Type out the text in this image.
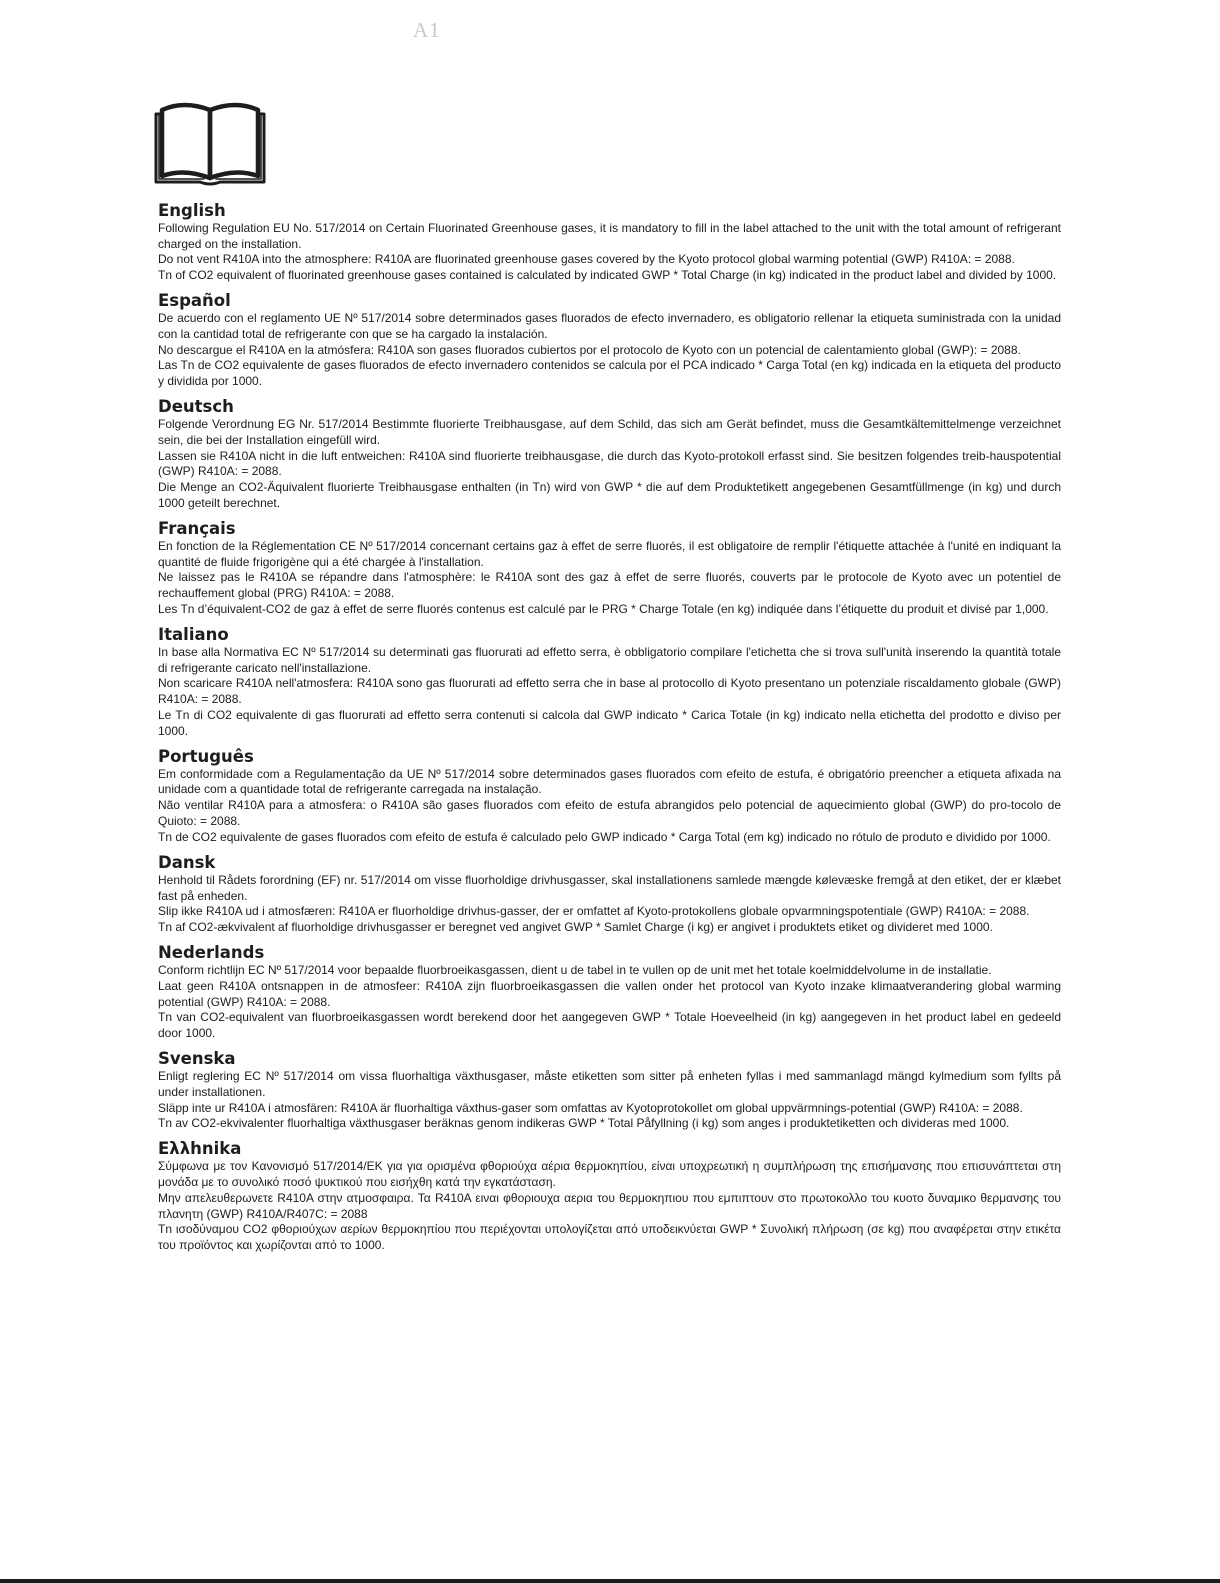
A1
English

Following Regulation EU No. 517/2014 on Certain Fluorinated Greenhouse gases, it is mandatory to fill in the label attached to the unit with the total amount of refrigerant charged on the installation.

Do not vent R410A into the atmosphere: R410A are fluorinated greenhouse gases covered by the Kyoto protocol global warming potential (GWP) R410A: = 2088.

Tn of CO2 equivalent of fluorinated greenhouse gases contained is calculated by indicated GWP * Total Charge (in kg) indicated in the product label and divided by 1000.

Español

De acuerdo con el reglamento UE Nº 517/2014 sobre determinados gases fluorados de efecto invernadero, es obligatorio rellenar la etiqueta suministrada con la unidad con la cantidad total de refrigerante con que se ha cargado la instalación.

No descargue el R410A en la atmósfera: R410A son gases fluorados cubiertos por el protocolo de Kyoto con un potencial de calentamiento global (GWP): = 2088.

Las Tn de CO2 equivalente de gases fluorados de efecto invernadero contenidos se calcula por el PCA indicado * Carga Total (en kg) indicada en la etiqueta del producto y dividida por 1000.

Deutsch

Folgende Verordnung EG Nr. 517/2014 Bestimmte fluorierte Treibhausgase, auf dem Schild, das sich am Gerät befindet, muss die Gesamtkältemittelmenge verzeichnet sein, die bei der Installation eingefüll wird.

Lassen sie R410A nicht in die luft entweichen: R410A sind fluorierte treibhausgase, die durch das Kyoto-protokoll erfasst sind. Sie besitzen folgendes treib-hauspotential (GWP) R410A: = 2088.

Die Menge an CO2-Äquivalent fluorierte Treibhausgase enthalten (in Tn) wird von GWP * die auf dem Produktetikett angegebenen Gesamtfüllmenge (in kg) und durch 1000 geteilt berechnet.

Français

En fonction de la Réglementation CE Nº 517/2014 concernant certains gaz à effet de serre fluorés, il est obligatoire de remplir l'étiquette attachée à l'unité en indiquant la quantité de fluide frigorigène qui a été chargée à l'installation.

Ne laissez pas le R410A se répandre dans l'atmosphère: le R410A sont des gaz à effet de serre fluorés, couverts par le protocole de Kyoto avec un potentiel de rechauffement global (PRG) R410A: = 2088.

Les Tn d’équivalent-CO2 de gaz à effet de serre fluorés contenus est calculé par le PRG * Charge Totale (en kg) indiquée dans l’étiquette du produit et divisé par 1,000.

Italiano

In base alla Normativa EC Nº 517/2014 su determinati gas fluorurati ad effetto serra, è obbligatorio compilare l'etichetta che si trova sull'unità inserendo la quantità totale di refrigerante caricato nell'installazione.

Non scaricare R410A nell'atmosfera: R410A sono gas fluorurati ad effetto serra che in base al protocollo di Kyoto presentano un potenziale riscaldamento globale (GWP) R410A: = 2088.

Le Tn di CO2 equivalente di gas fluorurati ad effetto serra contenuti si calcola dal GWP indicato * Carica Totale (in kg) indicato nella etichetta del prodotto e diviso per 1000.

Português

Em conformidade com a Regulamentação da UE Nº 517/2014 sobre determinados gases fluorados com efeito de estufa, é obrigatório preencher a etiqueta afixada na unidade com a quantidade total de refrigerante carregada na instalação.

Não ventilar R410A para a atmosfera: o R410A são gases fluorados com efeito de estufa abrangidos pelo potencial de aquecimiento global (GWP) do pro-tocolo de Quioto: = 2088.

Tn de CO2 equivalente de gases fluorados com efeito de estufa é calculado pelo GWP indicado * Carga Total (em kg) indicado no rótulo de produto e dividido por 1000.

Dansk

Henhold til Rådets forordning (EF) nr. 517/2014 om visse fluorholdige drivhusgasser, skal installationens samlede mængde kølevæske fremgå at den etiket, der er klæbet fast på enheden.

Slip ikke R410A ud i atmosfæren: R410A er fluorholdige drivhus-gasser, der er omfattet af Kyoto-protokollens globale opvarmningspotentiale (GWP) R410A: = 2088.

Tn af CO2-ækvivalent af fluorholdige drivhusgasser er beregnet ved angivet GWP * Samlet Charge (i kg) er angivet i produktets etiket og divideret med 1000.

Nederlands

Conform richtlijn EC Nº 517/2014 voor bepaalde fluorbroeikasgassen, dient u de tabel in te vullen op de unit met het totale koelmiddelvolume in de installatie.

Laat geen R410A ontsnappen in de atmosfeer: R410A zijn fluorbroeikasgassen die vallen onder het protocol van Kyoto inzake klimaatverandering global warming potential (GWP) R410A: = 2088.

Tn van CO2-equivalent van fluorbroeikasgassen wordt berekend door het aangegeven GWP * Totale Hoeveelheid (in kg) aangegeven in het product label en gedeeld door 1000.

Svenska

Enligt reglering EC Nº 517/2014 om vissa fluorhaltiga växthusgaser, måste etiketten som sitter på enheten fyllas i med sammanlagd mängd kylmedium som fyllts på under installationen.

Släpp inte ur R410A i atmosfären: R410A är fluorhaltiga växthus-gaser som omfattas av Kyotoprotokollet om global uppvärmnings-potential (GWP) R410A: = 2088.

Tn av CO2-ekvivalenter fluorhaltiga växthusgaser beräknas genom indikeras GWP * Total Påfyllning (i kg) som anges i produktetiketten och divideras med 1000.

Ελλhnika

Σύμφωνα με τον Κανονισμό 517/2014/ΕΚ για για ορισμένα φθοριούχα αέρια θερμοκηπίου, είναι υποχρεωτική η συμπλήρωση της επισήμανσης που επισυνάπτεται στη μονάδα με το συνολικό ποσό ψυκτικού που εισήχθη κατά την εγκατάσταση.

Μην απελευθερωνετε R410A στην ατμοσφαιρα. Τα R410A ειναι φθοριουχα αερια του θερμοκηπιου που εμπιπτουν στο πρωτοκολλο του κυοτο δυναμικο θερμανσης του πλανητη (GWP) R410A/R407C: = 2088

Τn ισοδύναμου CO2 φθοριούχων αερίων θερμοκηπίου που περιέχονται υπολογίζεται από υποδεικνύεται GWP * Συνολική πλήρωση (σε kg) που αναφέρεται στην ετικέτα του προϊόντος και χωρίζονται από το 1000.
